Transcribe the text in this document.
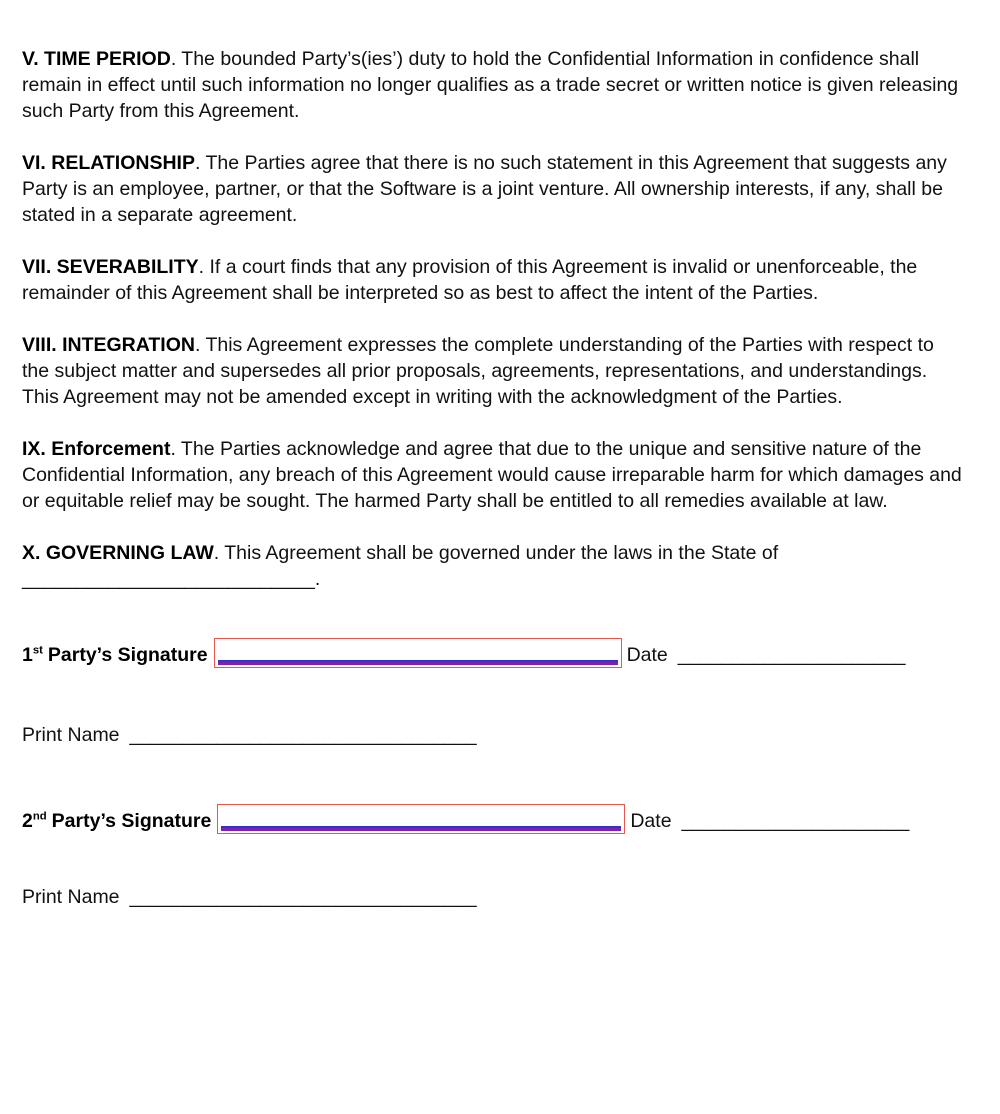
V. TIME PERIOD. The bounded Party’s(ies’) duty to hold the Confidential Information in confidence shall remain in effect until such information no longer qualifies as a trade secret or written notice is given releasing such Party from this Agreement.

VI. RELATIONSHIP. The Parties agree that there is no such statement in this Agreement that suggests any Party is an employee, partner, or that the Software is a joint venture. All ownership interests, if any, shall be stated in a separate agreement.

VII. SEVERABILITY. If a court finds that any provision of this Agreement is invalid or unenforceable, the remainder of this Agreement shall be interpreted so as best to affect the intent of the Parties.

VIII. INTEGRATION. This Agreement expresses the complete understanding of the Parties with respect to the subject matter and supersedes all prior proposals, agreements, representations, and understandings. This Agreement may not be amended except in writing with the acknowledgment of the Parties.

IX. Enforcement. The Parties acknowledge and agree that due to the unique and sensitive nature of the Confidential Information, any breach of this Agreement would cause irreparable harm for which damages and or equitable relief may be sought. The harmed Party shall be entitled to all remedies available at law.

X. GOVERNING LAW. This Agreement shall be governed under the laws in the State of

___________________________.
1st Party’s Signature	Date _____________________
Print Name ________________________________
2nd Party’s Signature	Date _____________________
Print Name ________________________________
